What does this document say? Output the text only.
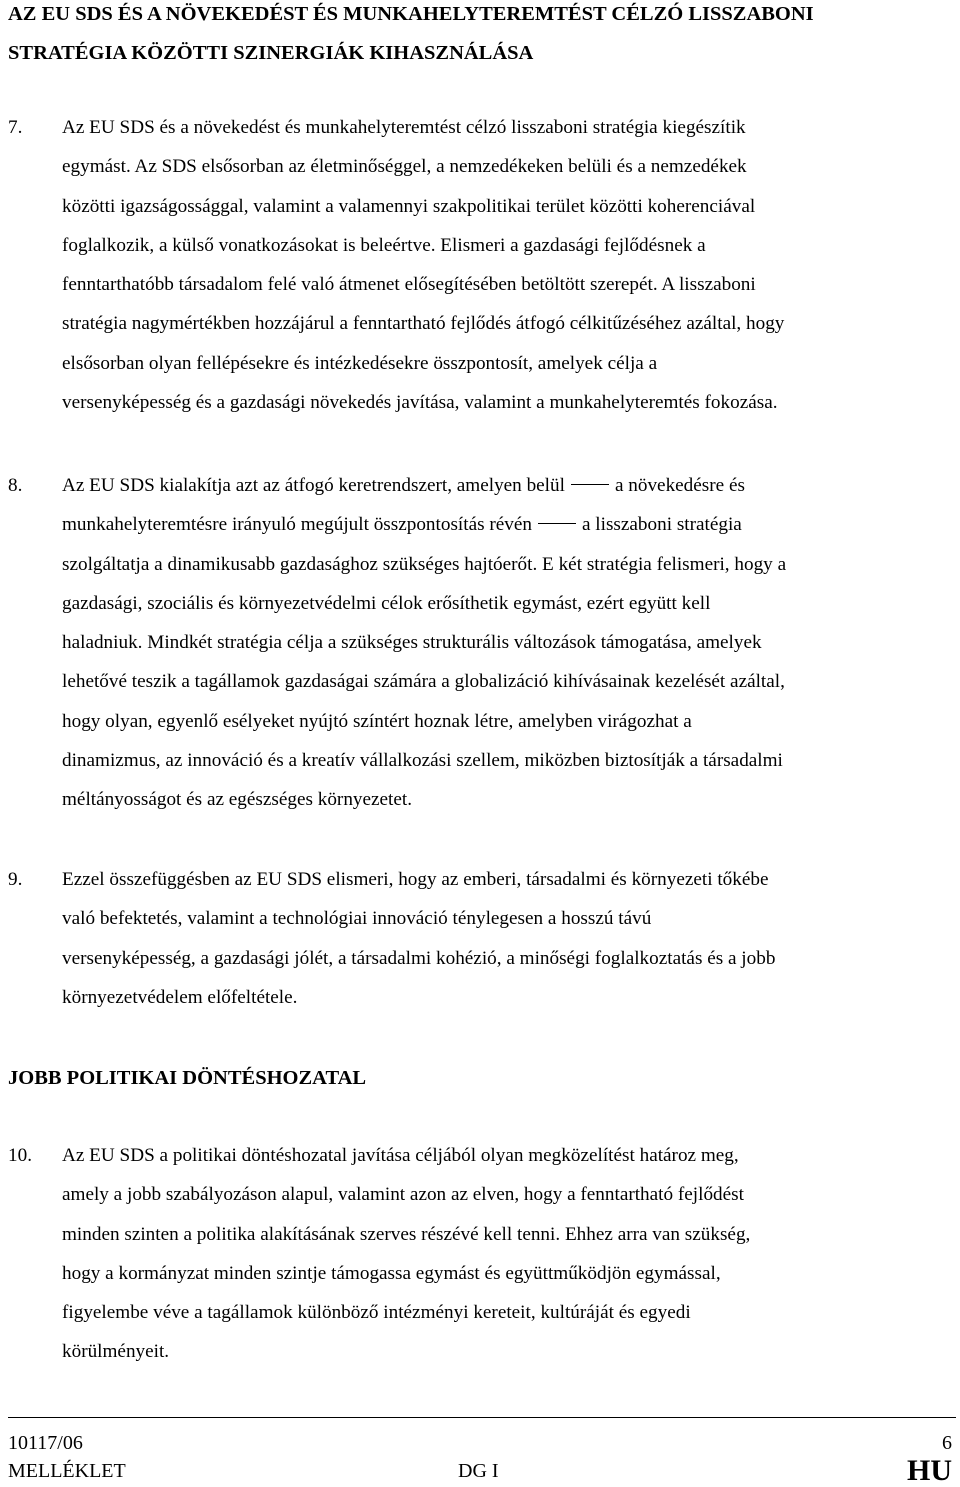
AZ EU SDS ÉS A NÖVEKEDÉST ÉS MUNKAHELYTEREMTÉST CÉLZÓ LISSZABONI
STRATÉGIA KÖZÖTTI SZINERGIÁK KIHASZNÁLÁSA
7.	Az EU SDS és a növekedést és munkahelyteremtést célzó lisszaboni stratégia kiegészítik
egymást. Az SDS elsősorban az életminőséggel, a nemzedékeken belüli és a nemzedékek
közötti igazságossággal, valamint a valamennyi szakpolitikai terület közötti koherenciával
foglalkozik, a külső vonatkozásokat is beleértve. Elismeri a gazdasági fejlődésnek a
fenntarthatóbb társadalom felé való átmenet elősegítésében betöltött szerepét. A lisszaboni
stratégia nagymértékben hozzájárul a fenntartható fejlődés átfogó célkitűzéséhez azáltal, hogy
elsősorban olyan fellépésekre és intézkedésekre összpontosít, amelyek célja a
versenyképesség és a gazdasági növekedés javítása, valamint a munkahelyteremtés fokozása.
8.	Az EU SDS kialakítja azt az átfogó keretrendszert, amelyen belül	a növekedésre és
munkahelyteremtésre irányuló megújult összpontosítás révén	a lisszaboni stratégia
szolgáltatja a dinamikusabb gazdasághoz szükséges hajtóerőt. E két stratégia felismeri, hogy a
gazdasági, szociális és környezetvédelmi célok erősíthetik egymást, ezért együtt kell
haladniuk. Mindkét stratégia célja a szükséges strukturális változások támogatása, amelyek
lehetővé teszik a tagállamok gazdaságai számára a globalizáció kihívásainak kezelését azáltal,
hogy olyan, egyenlő esélyeket nyújtó színtért hoznak létre, amelyben virágozhat a
dinamizmus, az innováció és a kreatív vállalkozási szellem, miközben biztosítják a társadalmi
méltányosságot és az egészséges környezetet.
9.	Ezzel összefüggésben az EU SDS elismeri, hogy az emberi, társadalmi és környezeti tőkébe
való befektetés, valamint a technológiai innováció ténylegesen a hosszú távú
versenyképesség, a gazdasági jólét, a társadalmi kohézió, a minőségi foglalkoztatás és a jobb
környezetvédelem előfeltétele.
JOBB POLITIKAI DÖNTÉSHOZATAL
10.	Az EU SDS a politikai döntéshozatal javítása céljából olyan megközelítést határoz meg,
amely a jobb szabályozáson alapul, valamint azon az elven, hogy a fenntartható fejlődést
minden szinten a politika alakításának szerves részévé kell tenni. Ehhez arra van szükség,
hogy a kormányzat minden szintje támogassa egymást és együttműködjön egymással,
figyelembe véve a tagállamok különböző intézményi kereteit, kultúráját és egyedi
körülményeit.
10117/06	6
MELLÉKLET	DG I	HU
